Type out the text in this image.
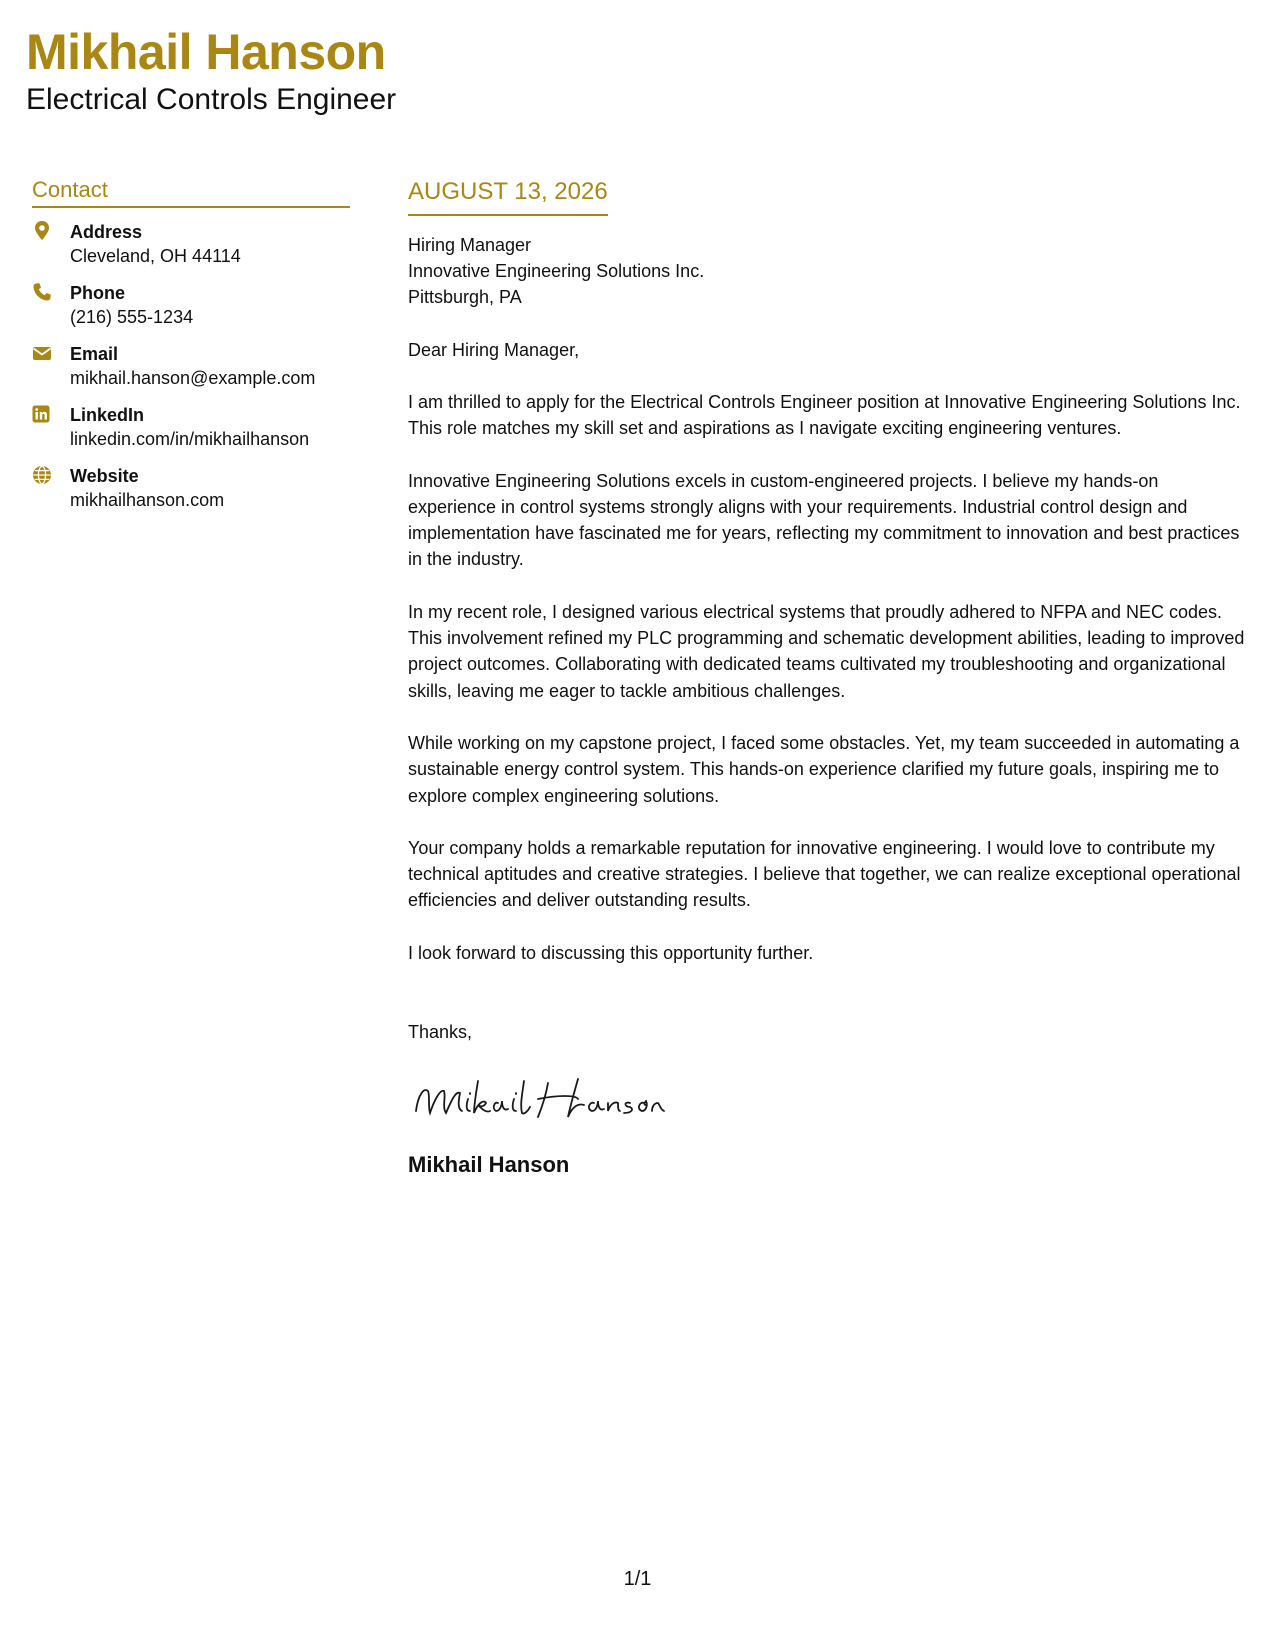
Mikhail Hanson
Electrical Controls Engineer
Contact
Address
Cleveland, OH 44114
Phone
(216) 555-1234
Email
mikhail.hanson@example.com
LinkedIn
linkedin.com/in/mikhailhanson
Website
mikhailhanson.com
AUGUST 13, 2026
Hiring Manager
Innovative Engineering Solutions Inc.
Pittsburgh, PA
Dear Hiring Manager,
I am thrilled to apply for the Electrical Controls Engineer position at Innovative Engineering Solutions Inc. This role matches my skill set and aspirations as I navigate exciting engineering ventures.
Innovative Engineering Solutions excels in custom-engineered projects. I believe my hands-on experience in control systems strongly aligns with your requirements. Industrial control design and implementation have fascinated me for years, reflecting my commitment to innovation and best practices in the industry.
In my recent role, I designed various electrical systems that proudly adhered to NFPA and NEC codes. This involvement refined my PLC programming and schematic development abilities, leading to improved project outcomes. Collaborating with dedicated teams cultivated my troubleshooting and organizational skills, leaving me eager to tackle ambitious challenges.
While working on my capstone project, I faced some obstacles. Yet, my team succeeded in automating a sustainable energy control system. This hands-on experience clarified my future goals, inspiring me to explore complex engineering solutions.
Your company holds a remarkable reputation for innovative engineering. I would love to contribute my technical aptitudes and creative strategies. I believe that together, we can realize exceptional operational efficiencies and deliver outstanding results.
I look forward to discussing this opportunity further.
Thanks,
Mikhail Hanson
1/1
